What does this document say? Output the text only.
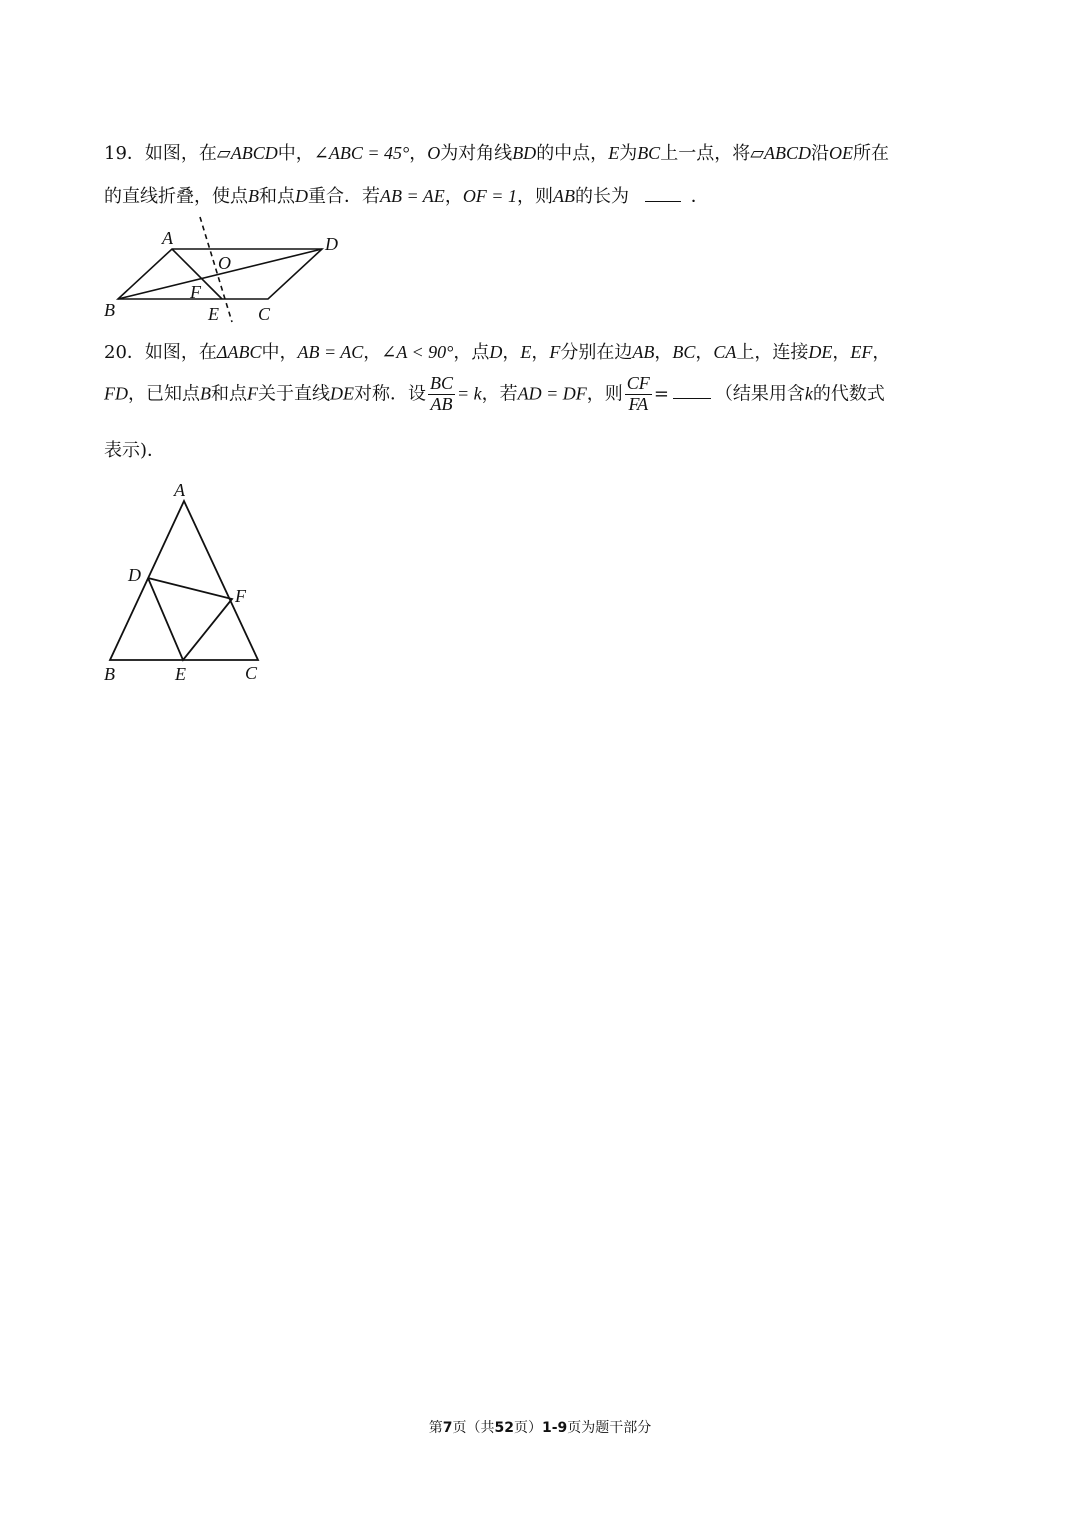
19．如图，在▱ABCD中，∠ABC = 45°，O为对角线BD的中点，E为BC上一点，将▱ABCD沿OE所在
的直线折叠，使点B和点D重合．若AB = AE，OF = 1，则AB的长为	．
A	D
O
F
B	E C
20．如图，在ΔABC中，AB = AC，∠A < 90°，点D，E，F分别在边AB，BC，CA上，连接DE，EF，
FD，已知点B和点F关于直线DE对称．设 $\frac{BC}{AB} = k$，若AD = DF，则 $\frac{CF}{FA}$ =	（结果用含k的代数式
表示)．
A
D
F
B	E	C
第7页（共52页）1-9页为题干部分
